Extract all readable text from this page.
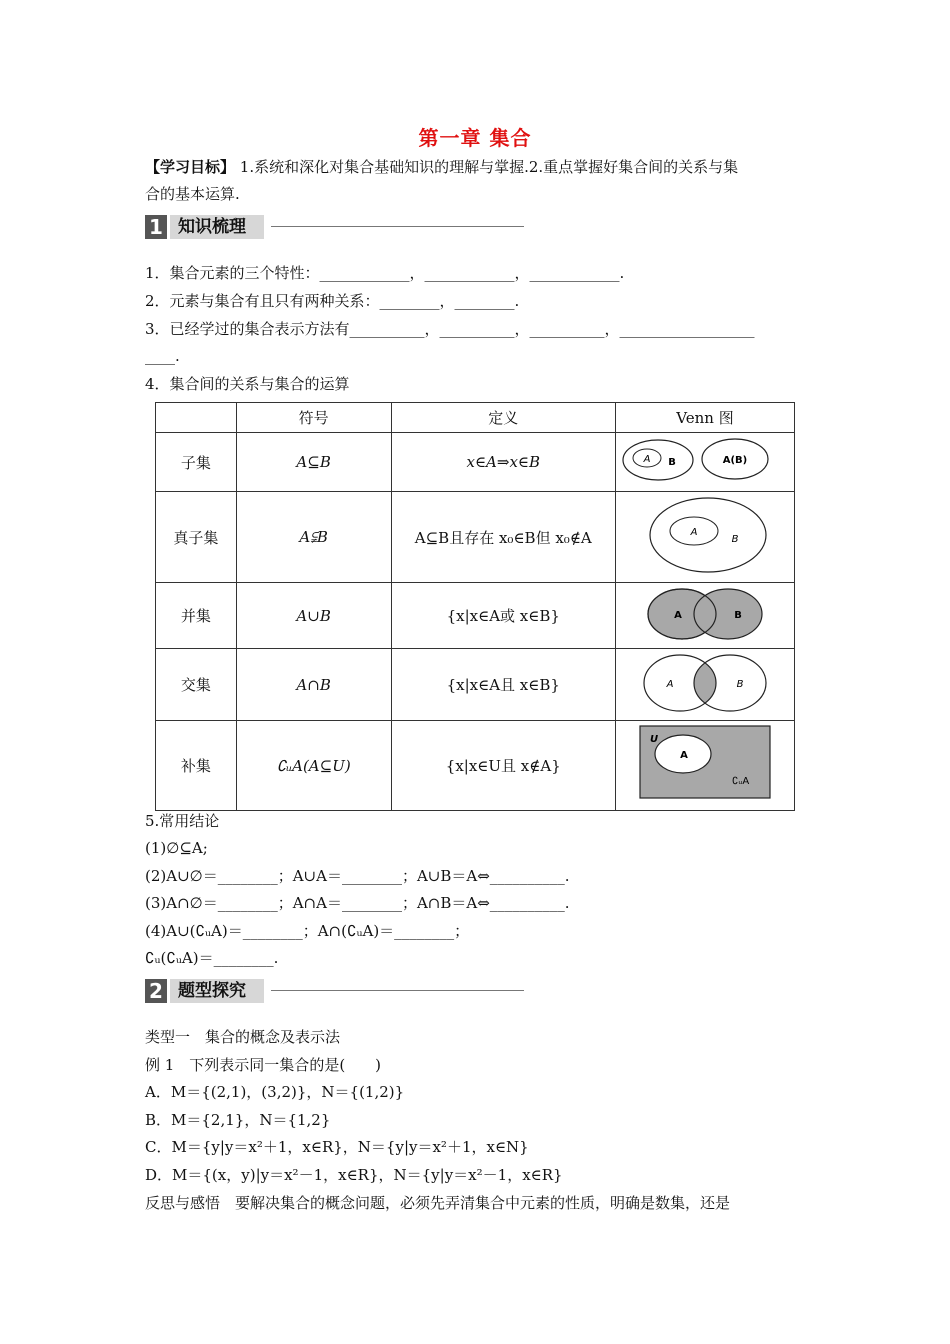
第一章 集合
【学习目标】 1.系统和深化对集合基础知识的理解与掌握.2.重点掌握好集合间的关系与集
合的基本运算.
1 知识梳理
1．集合元素的三个特性：____________，____________，____________.
2．元素与集合有且只有两种关系：________，________.
3．已经学过的集合表示方法有__________，__________，__________，__________________
____.
4．集合间的关系与集合的运算
	符号	定义	Venn 图
子集	A⊆B	x∈A⇒x∈B	A B A(B)

真子集	A⫋B	A⊆B且存在 x₀∈B但 x₀∉A	A
B

并集	A∪B	{x|x∈A或 x∈B}	A B

交集	A∩B	{x|x∈A且 x∈B}	A B

补集	∁ᵤA(A⊆U)	{x|x∈U且 x∉A}	U
A
∁ᵤA
5.常用结论
(1)∅⊆A;
(2)A∪∅＝________；A∪A＝________；A∪B＝A⇔__________.
(3)A∩∅＝________；A∩A＝________；A∩B＝A⇔__________.
(4)A∪(∁ᵤA)＝________；A∩(∁ᵤA)＝________；
∁ᵤ(∁ᵤA)＝________.
2 题型探究
类型一　集合的概念及表示法
例 1　下列表示同一集合的是(　　)
A．M＝{(2,1)，(3,2)}，N＝{(1,2)}
B．M＝{2,1}，N＝{1,2}
C．M＝{y|y＝x²＋1，x∈R}，N＝{y|y＝x²＋1，x∈N}
D．M＝{(x，y)|y＝x²－1，x∈R}，N＝{y|y＝x²－1，x∈R}
反思与感悟　要解决集合的概念问题，必须先弄清集合中元素的性质，明确是数集，还是
